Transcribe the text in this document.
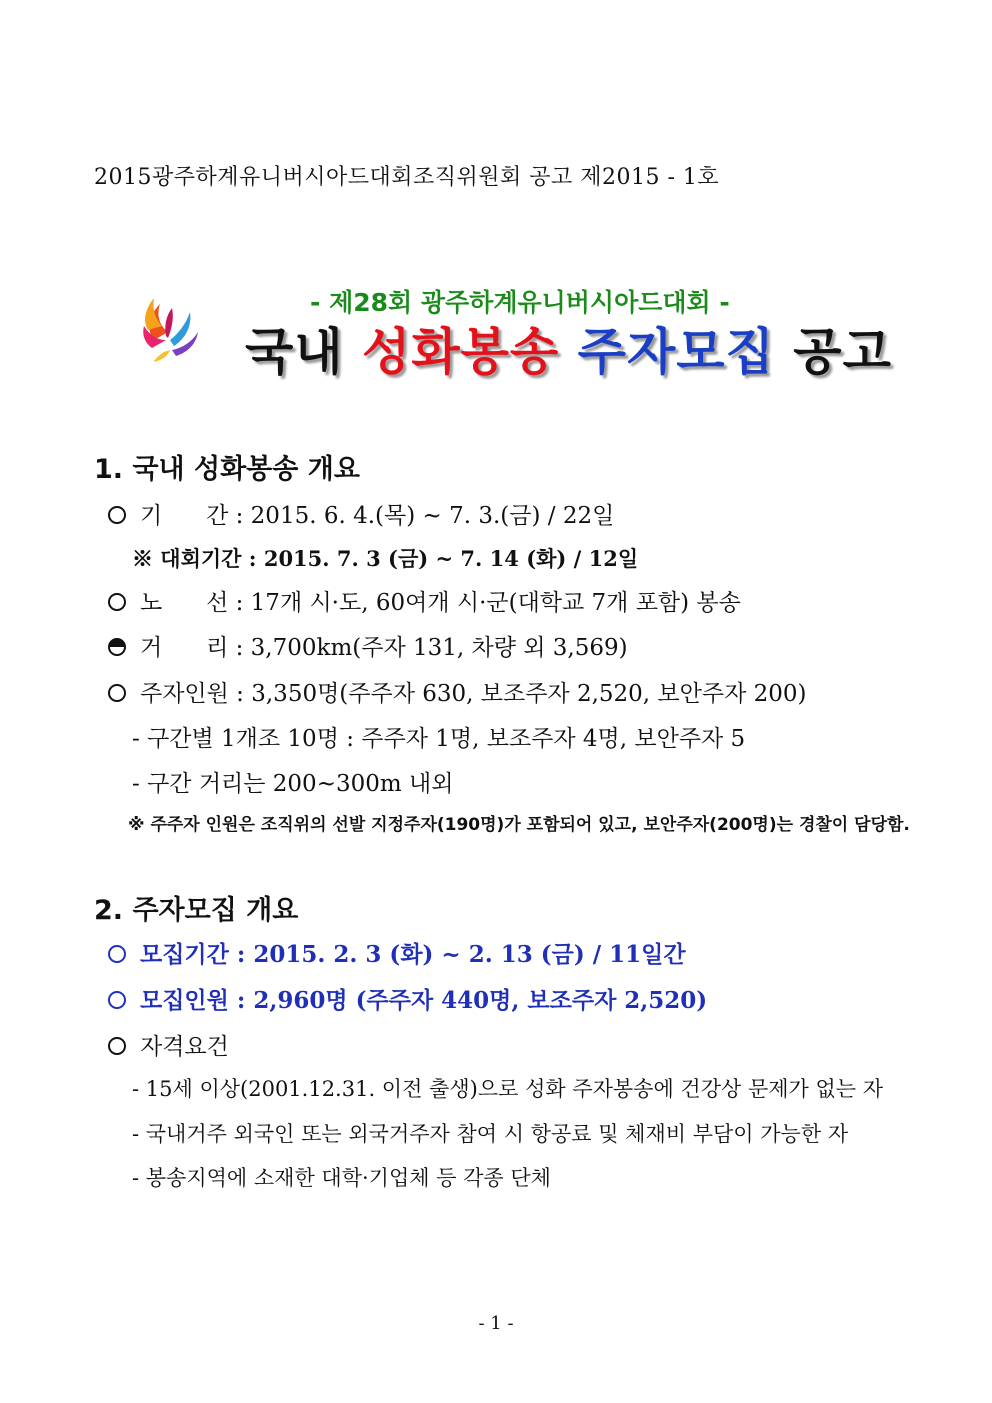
2015광주하계유니버시아드대회조직위원회 공고 제2015 - 1호
- 제28회 광주하계유니버시아드대회 -
국내 성화봉송 주자모집 공고
1. 국내 성화봉송 개요
기      간 : 2015. 6. 4.(목) ~ 7. 3.(금) / 22일
※ 대회기간 : 2015. 7. 3 (금) ~ 7. 14 (화) / 12일
노      선 : 17개 시·도, 60여개 시·군(대학교 7개 포함) 봉송
거      리 : 3,700km(주자 131, 차량 외 3,569)
주자인원 : 3,350명(주주자 630, 보조주자 2,520, 보안주자 200)
- 구간별 1개조 10명 : 주주자 1명, 보조주자 4명, 보안주자 5
- 구간 거리는 200~300m 내외
※ 주주자 인원은 조직위의 선발 지정주자(190명)가 포함되어 있고, 보안주자(200명)는 경찰이 담당함.
2. 주자모집 개요
모집기간 : 2015. 2. 3 (화) ~ 2. 13 (금) / 11일간
모집인원 : 2,960명 (주주자 440명, 보조주자 2,520)
자격요건
- 15세 이상(2001.12.31. 이전 출생)으로 성화 주자봉송에 건강상 문제가 없는 자
- 국내거주 외국인 또는 외국거주자 참여 시 항공료 및 체재비 부담이 가능한 자
- 봉송지역에 소재한 대학·기업체 등 각종 단체
- 1 -
